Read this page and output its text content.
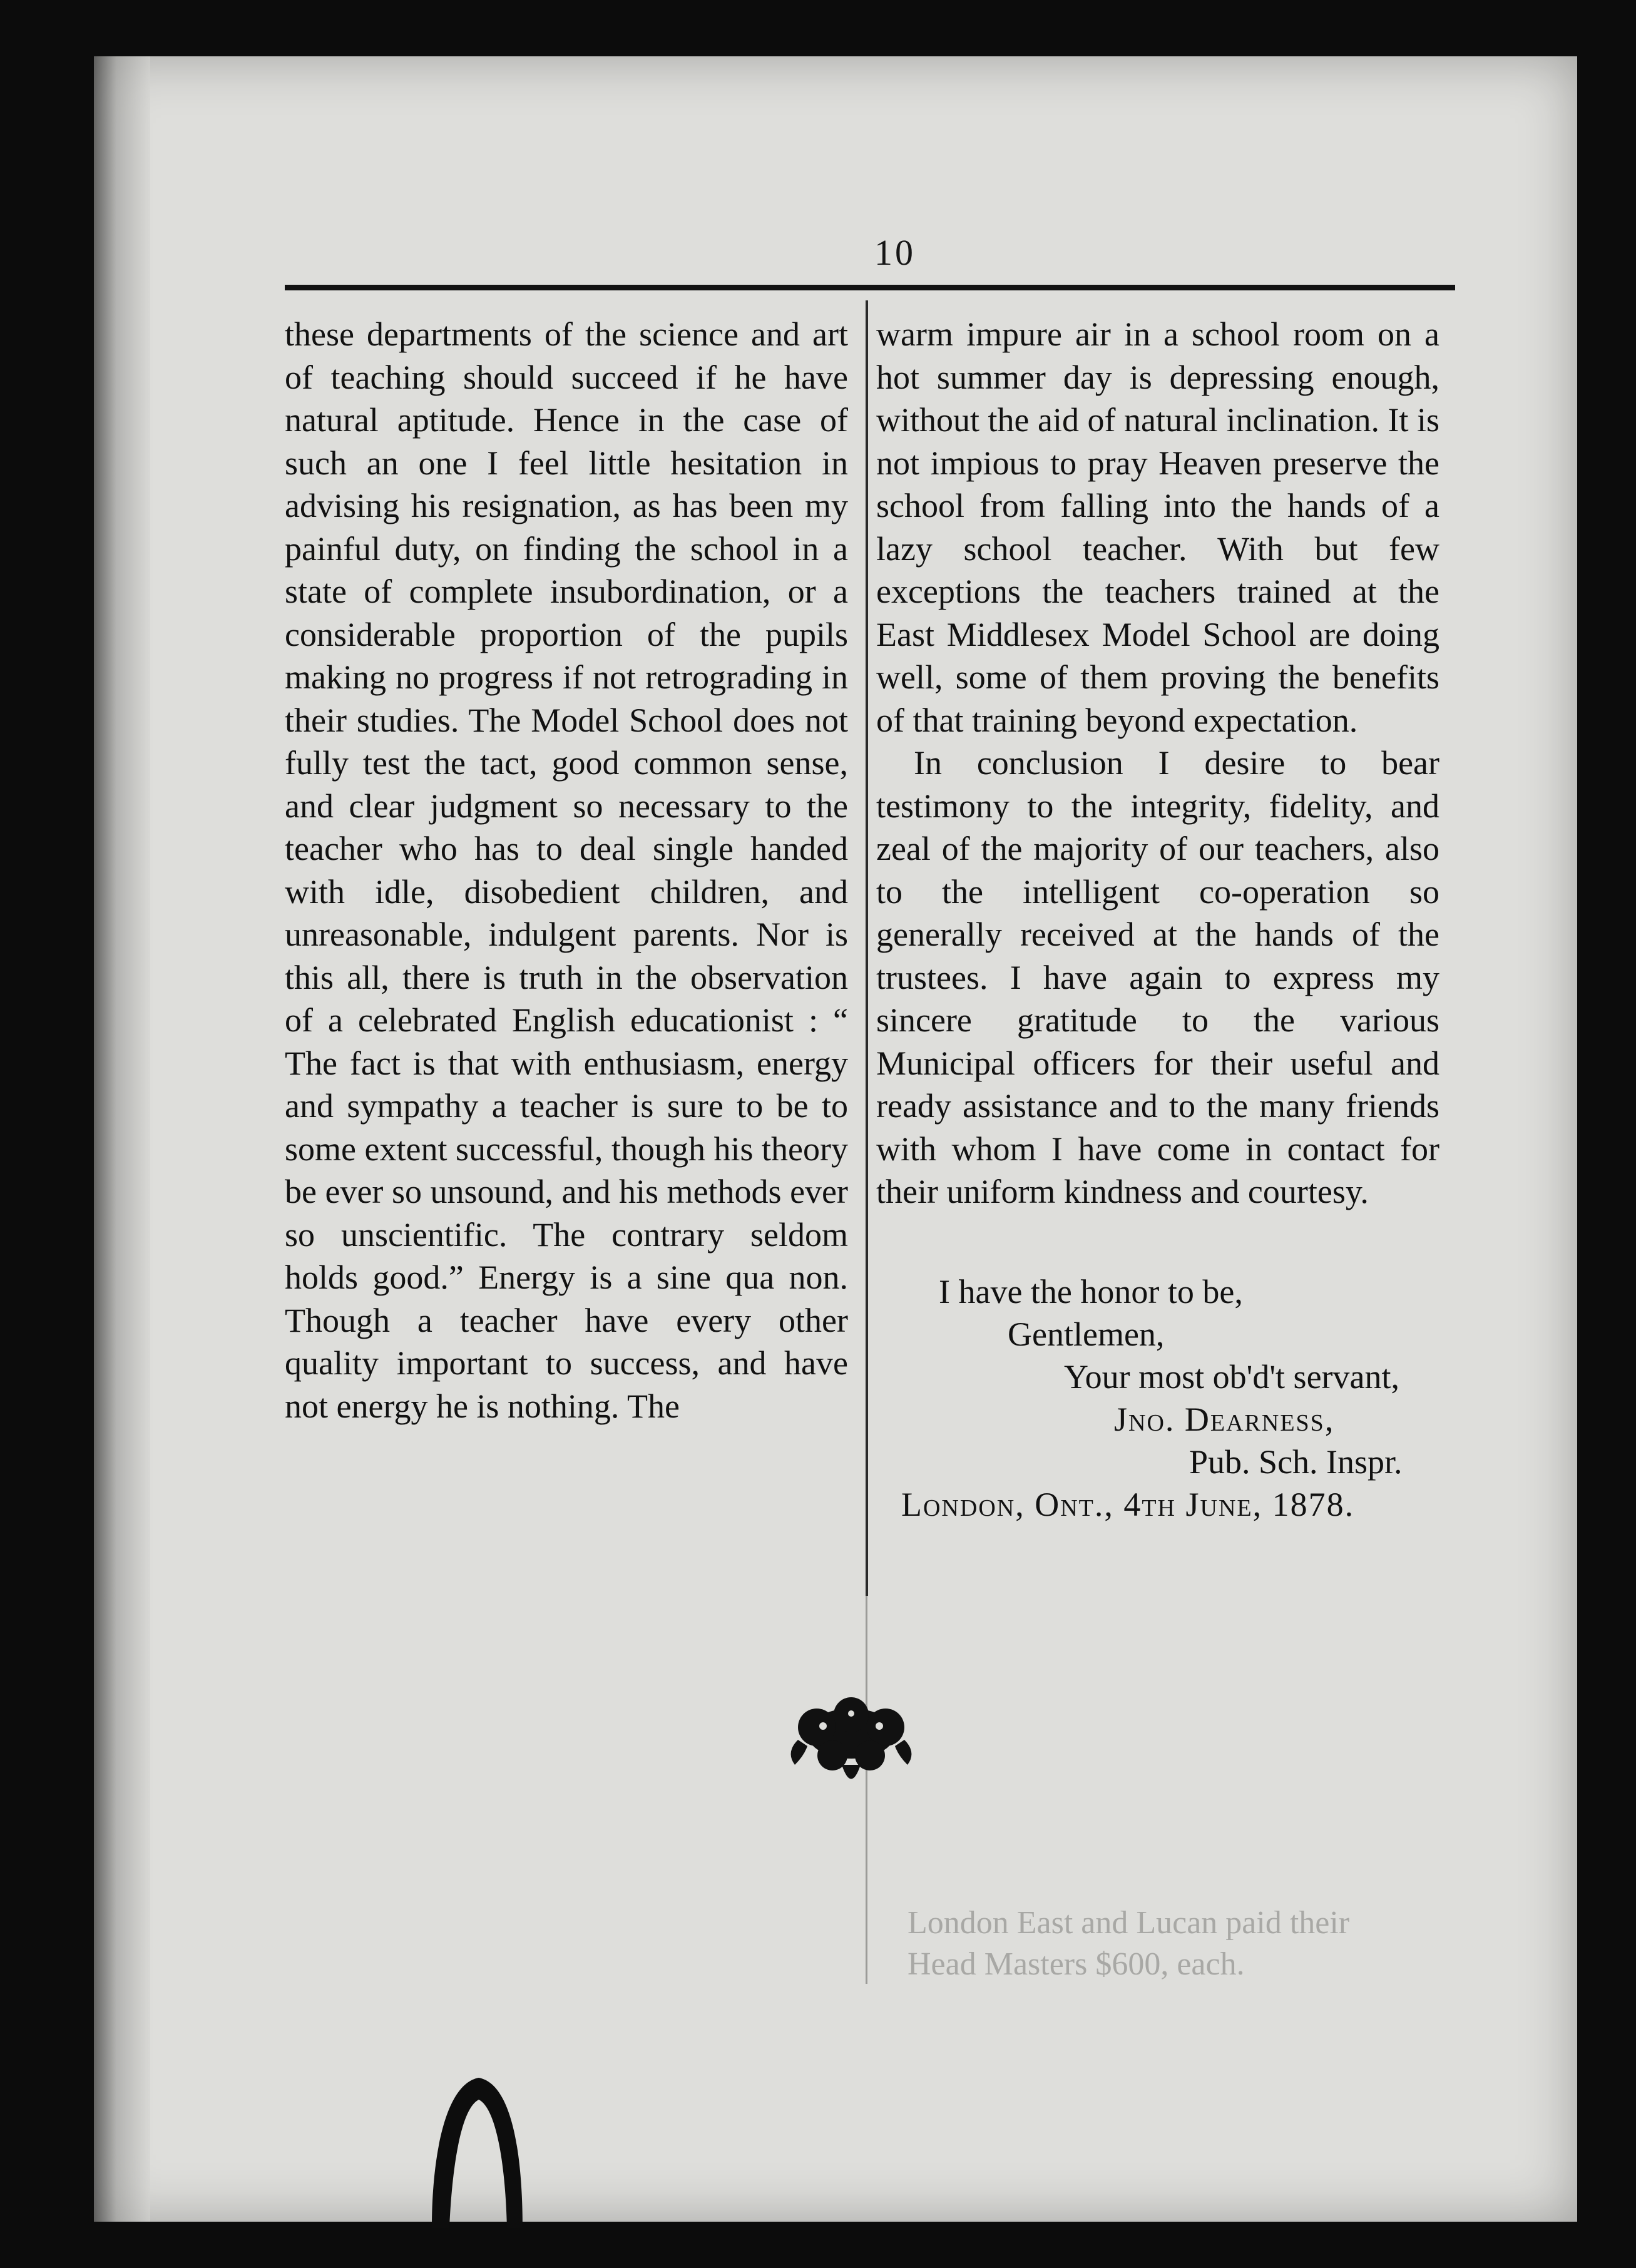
10

these departments of the science and art of teaching should succeed if he have natural aptitude. Hence in the case of such an one I feel little hesitation in advising his resignation, as has been my painful duty, on finding the school in a state of complete insubordination, or a considerable proportion of the pupils making no progress if not retrograding in their studies. The Model School does not fully test the tact, good common sense, and clear judgment so necessary to the teacher who has to deal single handed with idle, disobedient children, and unreasonable, indulgent parents. Nor is this all, there is truth in the observation of a celebrated English educationist : “ The fact is that with enthusiasm, energy and sympathy a teacher is sure to be to some extent successful, though his theory be ever so unsound, and his methods ever so unscientific. The contrary seldom holds good.” Energy is a sine qua non. Though a teacher have every other quality important to success, and have not energy he is nothing. The

warm impure air in a school room on a hot summer day is depressing enough, without the aid of natural inclination. It is not impious to pray Heaven preserve the school from falling into the hands of a lazy school teacher. With but few exceptions the teachers trained at the East Middlesex Model School are doing well, some of them proving the benefits of that training beyond expectation.

In conclusion I desire to bear testimony to the integrity, fidelity, and zeal of the majority of our teachers, also to the intelligent co-operation so generally received at the hands of the trustees. I have again to express my sincere gratitude to the various Municipal officers for their useful and ready assistance and to the many friends with whom I have come in contact for their uniform kindness and courtesy.

I have the honor to be,
Gentlemen,
Your most ob'd't servant,
Jno. Dearness,
Pub. Sch. Inspr.
London, Ont., 4th June, 1878.
London East and Lucan paid their
Head Masters $600, each.
